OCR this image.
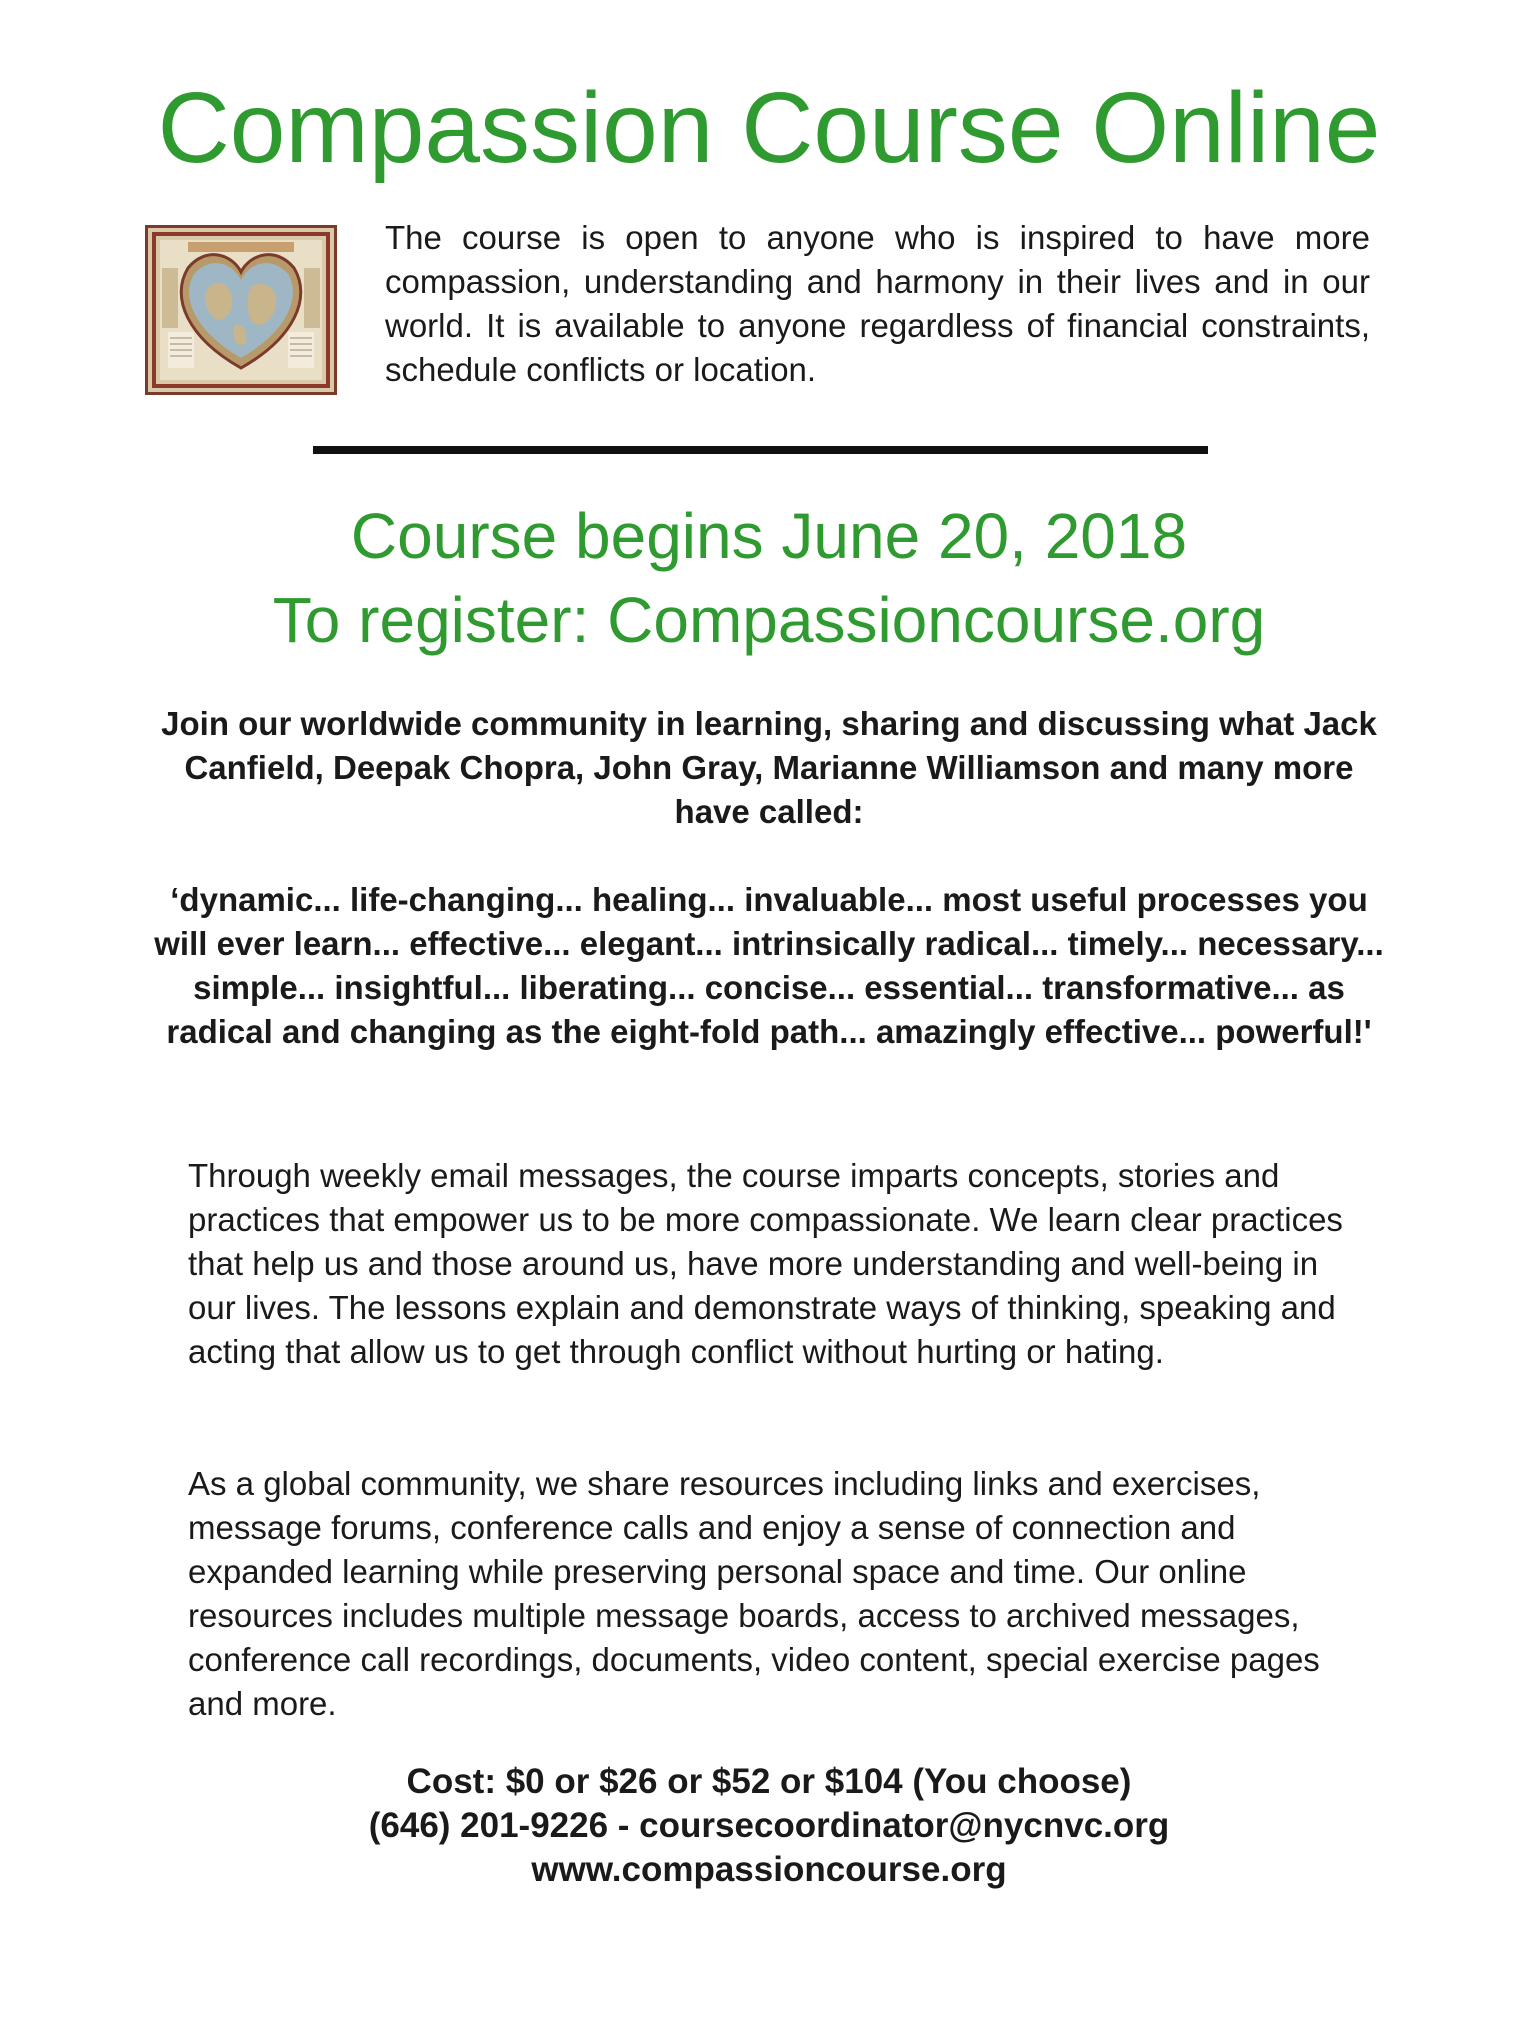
Compassion Course Online
The course is open to anyone who is inspired to have more compassion, understanding and harmony in their lives and in our world. It is available to anyone regardless of financial constraints, schedule conflicts or location.
Course begins June 20, 2018
To register: Compassioncourse.org
Join our worldwide community in learning, sharing and discussing what Jack Canfield, Deepak Chopra, John Gray, Marianne Williamson and many more have called:
‘dynamic... life-changing... healing... invaluable... most useful processes you will ever learn... effective... elegant... intrinsically radical... timely... necessary... simple... insightful... liberating... concise... essential... transformative... as radical and changing as the eight-fold path... amazingly effective... powerful!'
Through weekly email messages, the course imparts concepts, stories and practices that empower us to be more compassionate. We learn clear practices that help us and those around us, have more understanding and well-being in our lives. The lessons explain and demonstrate ways of thinking, speaking and acting that allow us to get through conflict without hurting or hating.
As a global community, we share resources including links and exercises, message forums, conference calls and enjoy a sense of connection and expanded learning while preserving personal space and time. Our online resources includes multiple message boards, access to archived messages, conference call recordings, documents, video content, special exercise pages and more.
Cost: $0 or $26 or $52 or $104 (You choose)
(646) 201-9226 - coursecoordinator@nycnvc.org
www.compassioncourse.org
